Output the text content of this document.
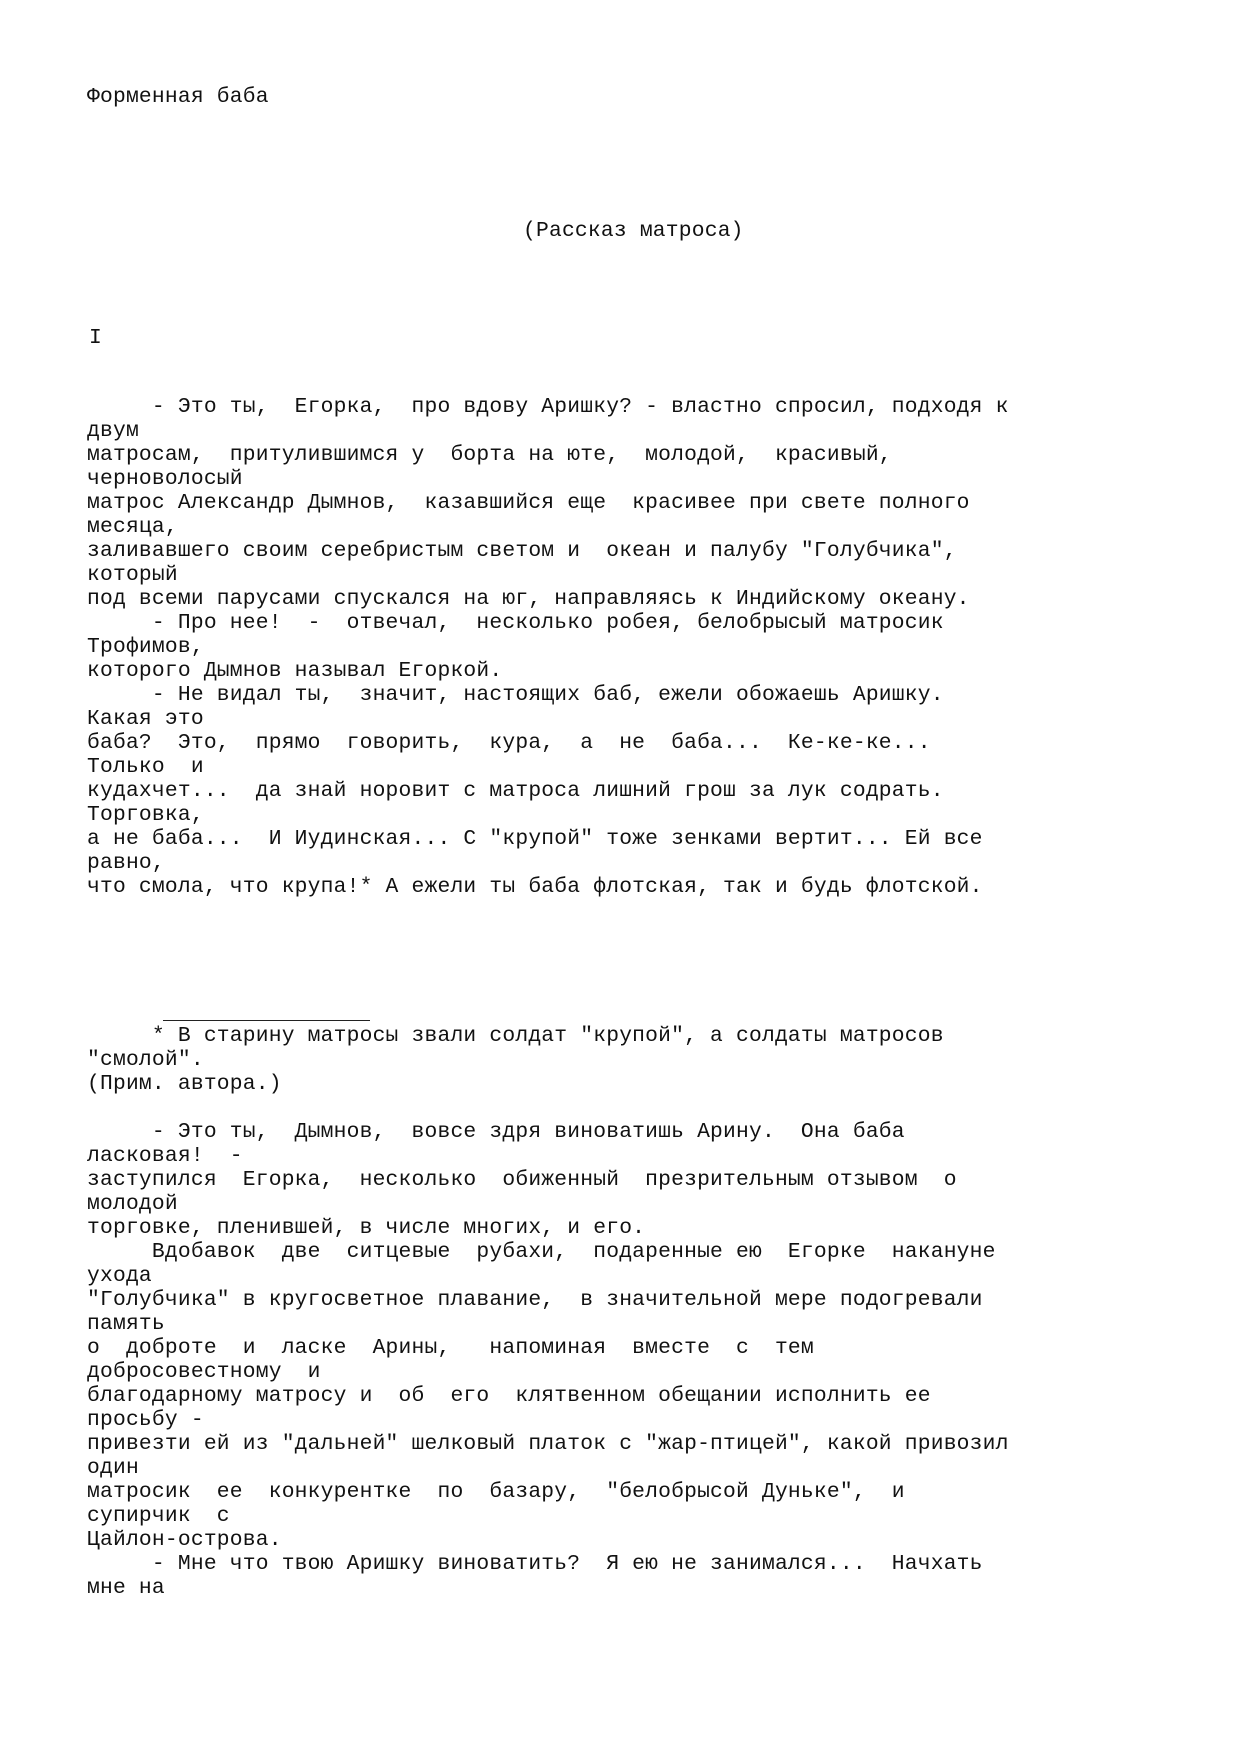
Форменная баба
(Рассказ матроса)
I
- Это ты,  Егорка,  про вдову Аришку? - властно спросил, подходя к
двум
матросам,  притулившимся у  борта на юте,  молодой,  красивый,
черноволосый
матрос Александр Дымнов,  казавшийся еще  красивее при свете полного
месяца,
заливавшего своим серебристым светом и  океан и палубу "Голубчика",
который
под всеми парусами спускался на юг, направляясь к Индийскому океану.
- Про нее!  -  отвечал,  несколько робея, белобрысый матросик
Трофимов,
которого Дымнов называл Егоркой.
- Не видал ты,  значит, настоящих баб, ежели обожаешь Аришку.
Какая это
баба?  Это,  прямо  говорить,  кура,  а  не  баба...  Ке-ке-ке...
Только  и
кудахчет...  да знай норовит с матроса лишний грош за лук содрать.
Торговка,
а не баба...  И Иудинская... С "крупой" тоже зенками вертит... Ей все
равно,
что смола, что крупа!* А ежели ты баба флотская, так и будь флотской.
* В старину матросы звали солдат "крупой", а солдаты матросов
"смолой".
(Прим. автора.)
- Это ты,  Дымнов,  вовсе здря виноватишь Арину.  Она баба
ласковая!  -
заступился  Егорка,  несколько  обиженный  презрительным отзывом  о
молодой
торговке, пленившей, в числе многих, и его.
Вдобавок  две  ситцевые  рубахи,  подаренные ею  Егорке  накануне
ухода
"Голубчика" в кругосветное плавание,  в значительной мере подогревали
память
о  доброте  и  ласке  Арины,   напоминая  вместе  с  тем
добросовестному  и
благодарному матросу и  об  его  клятвенном обещании исполнить ее
просьбу -
привезти ей из "дальней" шелковый платок с "жар-птицей", какой привозил
один
матросик  ее  конкурентке  по  базару,  "белобрысой Дуньке",  и
супирчик  с
Цайлон-острова.
- Мне что твою Аришку виноватить?  Я ею не занимался...  Начхать
мне на
